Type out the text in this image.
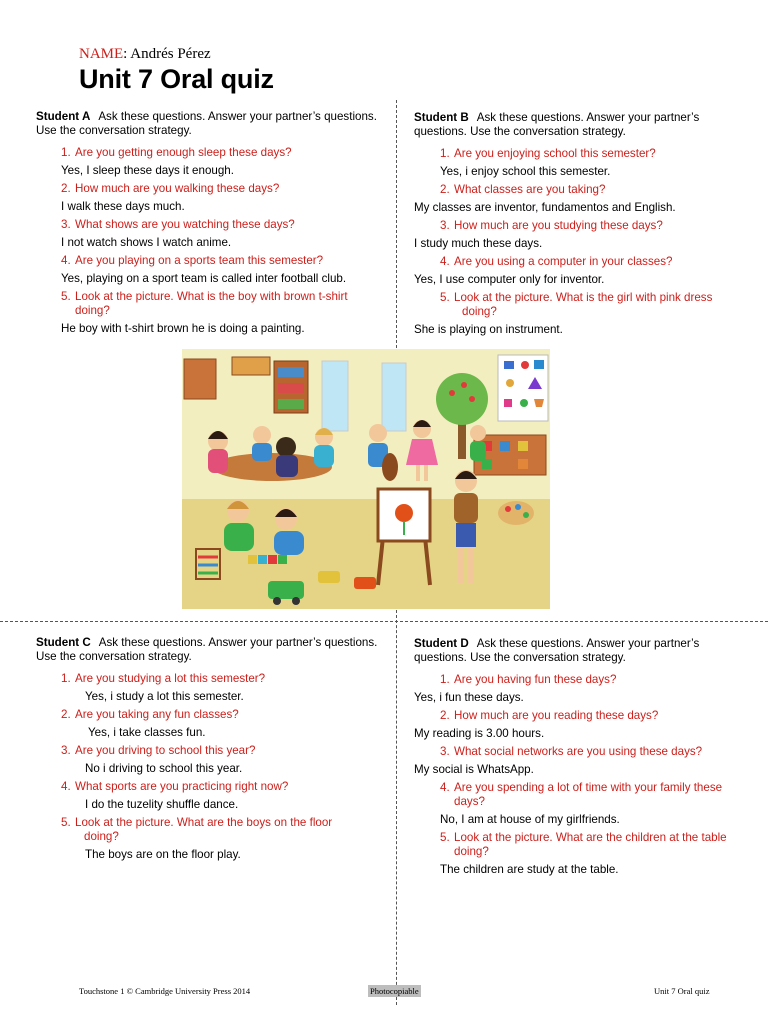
NAME: Andrés Pérez
Unit 7 Oral quiz

Student A Ask these questions. Answer your partner’s questions. Use the conversation strategy.

1. Are you getting enough sleep these days?
Yes, I sleep these days it enough.
2. How much are you walking these days?
I walk these days much.
3. What shows are you watching these days?
I not watch shows I watch anime.
4. Are you playing on a sports team this semester?
Yes, playing on a sport team is called inter football club.
5. Look at the picture. What is the boy with brown t-shirt
doing?
He boy with t-shirt brown he is doing a painting.

Student B Ask these questions. Answer your partner’s questions. Use the conversation strategy.

1. Are you enjoying school this semester?
Yes, i enjoy school this semester.
2. What classes are you taking?
My classes are inventor, fundamentos and English.
3. How much are you studying these days?
I study much these days.
4. Are you using a computer in your classes?
Yes, I use computer only for inventor.
5. Look at the picture. What is the girl with pink dress
doing?
She is playing on instrument.

Student C Ask these questions. Answer your partner’s questions. Use the conversation strategy.

1. Are you studying a lot this semester?
Yes, i study a lot this semester.
2. Are you taking any fun classes?
Yes, i take classes fun.
3. Are you driving to school this year?
No i driving to school this year.
4. What sports are you practicing right now?
I do the tuzelity shuffle dance.
5. Look at the picture. What are the boys on the floor
doing?
The boys are on the floor play.

Student D Ask these questions. Answer your partner’s questions. Use the conversation strategy.

1. Are you having fun these days?
Yes, i fun these days.
2. How much are you reading these days?
My reading is 3.00 hours.
3. What social networks are you using these days?
My social is WhatsApp.
4. Are you spending a lot of time with your family these
days?
No, I am at house of my girlfriends.
5. Look at the picture. What are the children at the table
doing?
The children are study at the table.
Touchstone 1 © Cambridge University Press 2014	Photocopiable	Unit 7 Oral quiz
